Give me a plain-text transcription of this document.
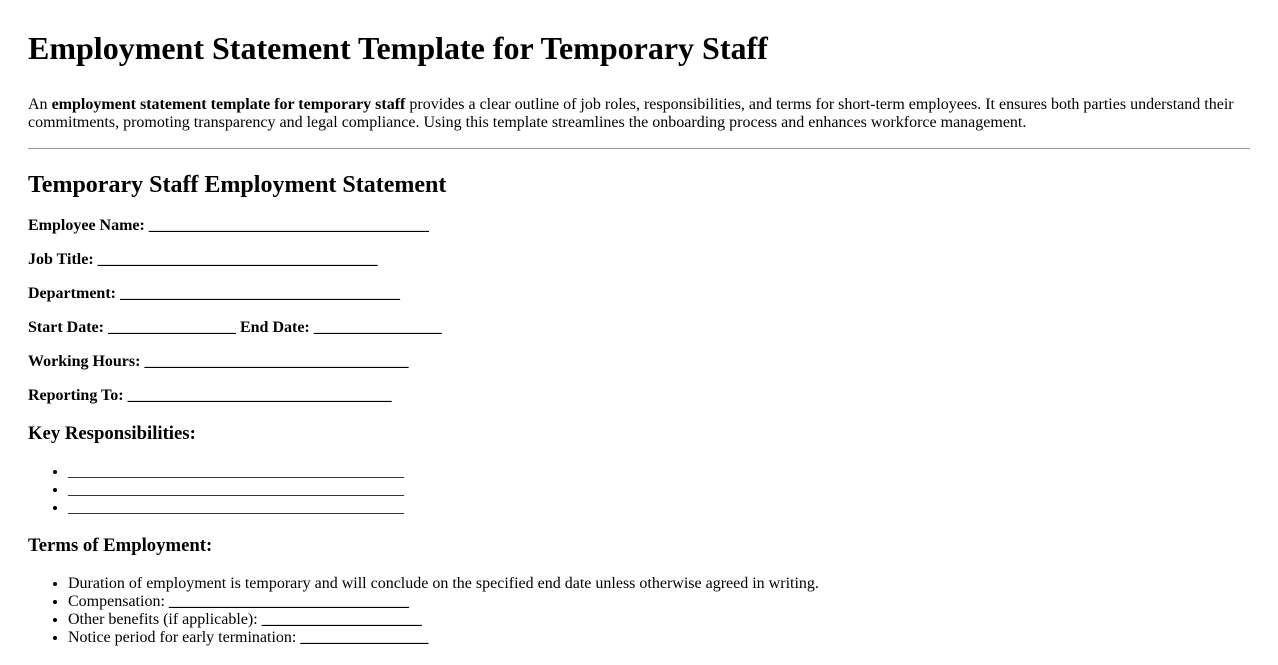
Employment Statement Template for Temporary Staff

An employment statement template for temporary staff provides a clear outline of job roles, responsibilities, and terms for short-term employees. It ensures both parties understand their commitments, promoting transparency and legal compliance. Using this template streamlines the onboarding process and enhances workforce management.

Temporary Staff Employment Statement

Employee Name: ___________________________________

Job Title: ___________________________________

Department: ___________________________________

Start Date: ________________ End Date: ________________

Working Hours: _________________________________

Reporting To: _________________________________

Key Responsibilities:
• __________________________________________
• __________________________________________
• __________________________________________
Terms of Employment:
• Duration of employment is temporary and will conclude on the specified end date unless otherwise agreed in writing.
• Compensation: ______________________________
• Other benefits (if applicable): ____________________
• Notice period for early termination: ________________
